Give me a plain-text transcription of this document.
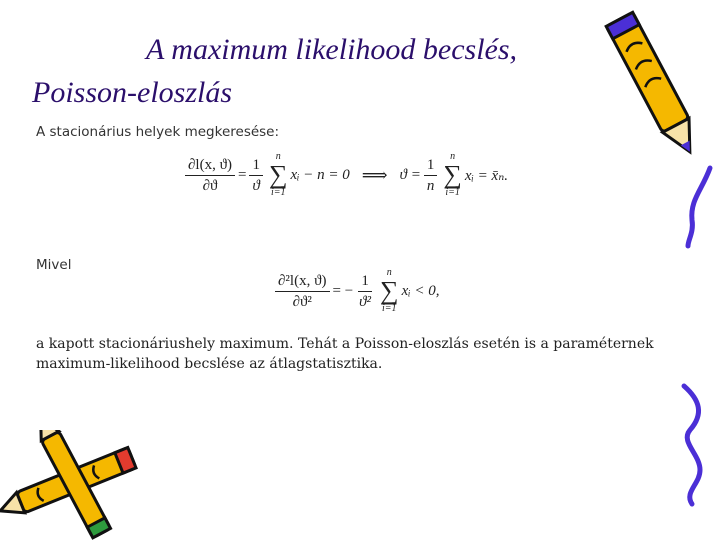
A maximum likelihood becslés,
Poisson-eloszlás
A stacionárius helyek megkeresése:
$\frac{\partial l(x, ϑ)}{\partial ϑ} = \frac{1}{ϑ}$ n
∑
i=1
xᵢ − n = 0 ⟹ $ϑ = \frac{1}{n}$ n
∑
i=1
xᵢ = x̄ₙ.
Mivel
$\frac{\text{∂²l(x, ϑ)}}{\text{∂ϑ²}}$ = − $\frac{1}{\text{ϑ²}}$ n
∑
i=1
xᵢ < 0,
a kapott stacionáriushely maximum. Tehát a Poisson-eloszlás esetén is a paraméternek maximum-likelihood becslése az átlagstatisztika.
